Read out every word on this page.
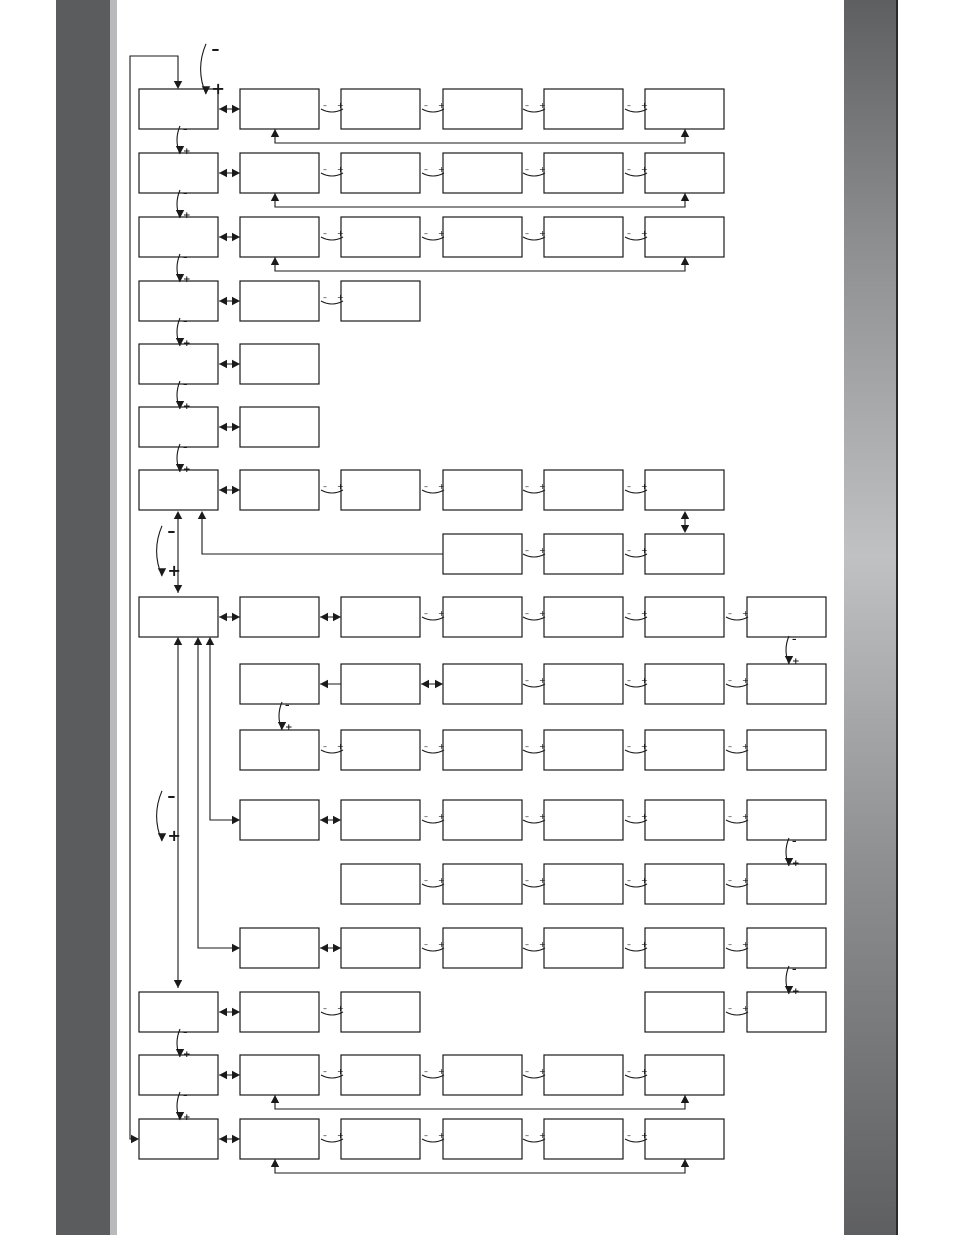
– +	– +	– +	– +
– +	– +	– +	– +
– +	– +	– +	– +
– +
– +	– +	– +	– +
– +	– +
– +	– +	– +	– +
– +	– +	– +
– +	– +	– +	– +	– +
– +	– +	– +	– +
– +	– +	– +	– +
– +	– +	– +	– +
– +	– +
– +	– +	– +	– +
– +	– +	– +	– +
–
+
–
+
–
+
–
+
–
+
–
+
–
+
–
+
–
+
–
+
–
+
–
+
–
+
–
+
–
+
